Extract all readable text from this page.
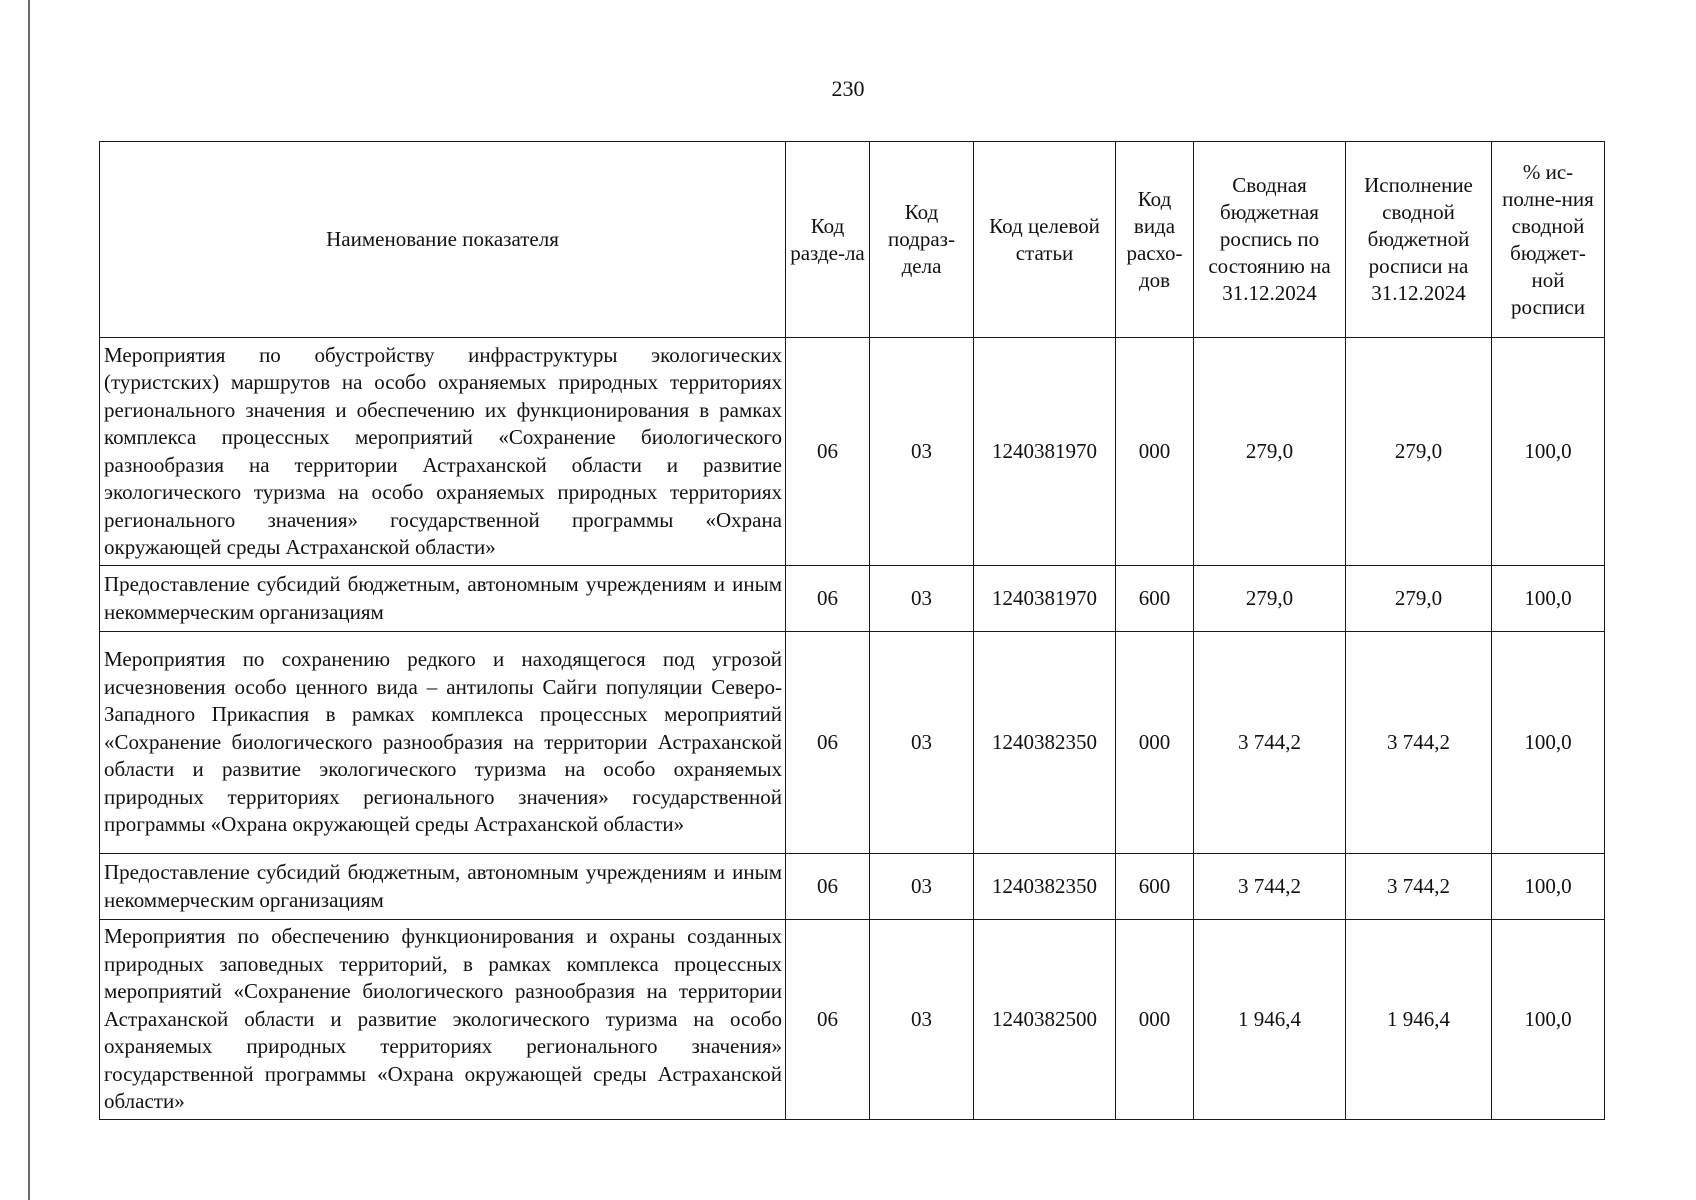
230
Наименование показателя	Код разде-ла	Код подраз-дела	Код целевой статьи	Код вида расхо-дов	Сводная бюджетная роспись по состоянию на 31.12.2024	Исполнение сводной бюджетной росписи на 31.12.2024	% ис-полне-ния сводной бюджет-ной росписи
Мероприятия по обустройству инфраструктуры экологических (туристских) маршрутов на особо охраняемых природных территориях регионального значения и обеспечению их функционирования в рамках комплекса процессных мероприятий «Сохранение биологического разнообразия на территории Астраханской области и развитие экологического туризма на особо охраняемых природных территориях регионального значения» государственной программы «Охрана окружающей среды Астраханской области»	06	03	1240381970	000	279,0	279,0	100,0
Предоставление субсидий бюджетным, автономным учреждениям и иным некоммерческим организациям	06	03	1240381970	600	279,0	279,0	100,0
Мероприятия по сохранению редкого и находящегося под угрозой исчезновения особо ценного вида – антилопы Сайги популяции Северо-Западного Прикаспия в рамках комплекса процессных мероприятий «Сохранение биологического разнообразия на территории Астраханской области и развитие экологического туризма на особо охраняемых природных территориях регионального значения» государственной программы «Охрана окружающей среды Астраханской области»	06	03	1240382350	000	3 744,2	3 744,2	100,0
Предоставление субсидий бюджетным, автономным учреждениям и иным некоммерческим организациям	06	03	1240382350	600	3 744,2	3 744,2	100,0
Мероприятия по обеспечению функционирования и охраны созданных природных заповедных территорий, в рамках комплекса процессных мероприятий «Сохранение биологического разнообразия на территории Астраханской области и развитие экологического туризма на особо охраняемых природных территориях регионального значения» государственной программы «Охрана окружающей среды Астраханской области»	06	03	1240382500	000	1 946,4	1 946,4	100,0
